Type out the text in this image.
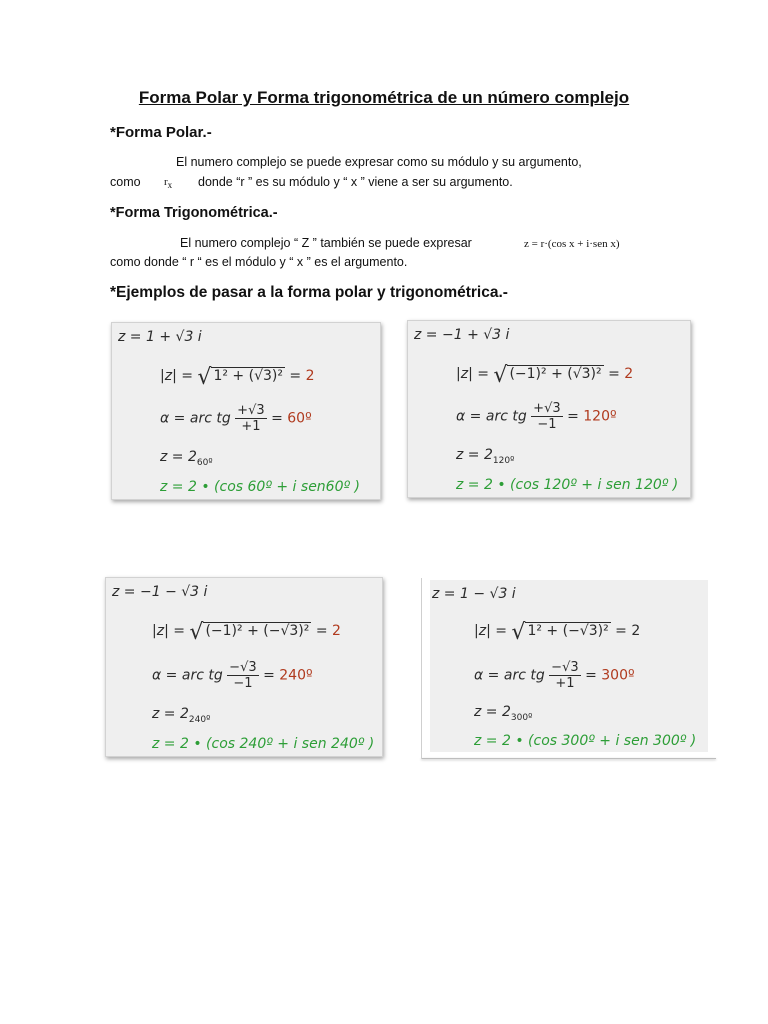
Forma Polar y Forma trigonométrica de un número complejo
*Forma Polar.-
El numero complejo se puede expresar como su módulo y su argumento,
como $r_x$ donde “r ” es su módulo y “ x ” viene a ser su argumento.
*Forma Trigonométrica.-
El numero complejo “ Z ” también se puede expresar	z = r·(cos x + i·sen x)
como donde “ r “ es el módulo y “ x ” es el argumento.
*Ejemplos de pasar a la forma polar y trigonométrica.-
z = 1 + √3 i
|z| = √ 1² + (√3)² = 2
α = arc tg $\frac{+√3}{+1}$ = 60º
$z = 2_{60º}$
z = 2 • (cos 60º + i sen60º )
z = −1 + √3 i
|z| = √ (−1)² + (√3)² = 2
α = arc tg $\frac{+√3}{-1}$ = 120º
$z = 2_{120º}$
z = 2 • (cos 120º + i sen 120º )
z = −1 − √3 i
|z| = √ (−1)² + (−√3)² = 2
α = arc tg $\frac{-√3}{-1}$ = 240º
$z = 2_{240º}$
z = 2 • (cos 240º + i sen 240º )
z = 1 − √3 i
|z| = √ 1² + (−√3)² = 2
α = arc tg $\frac{-√3}{+1}$ = 300º
$z = 2_{300º}$
z = 2 • (cos 300º + i sen 300º )
